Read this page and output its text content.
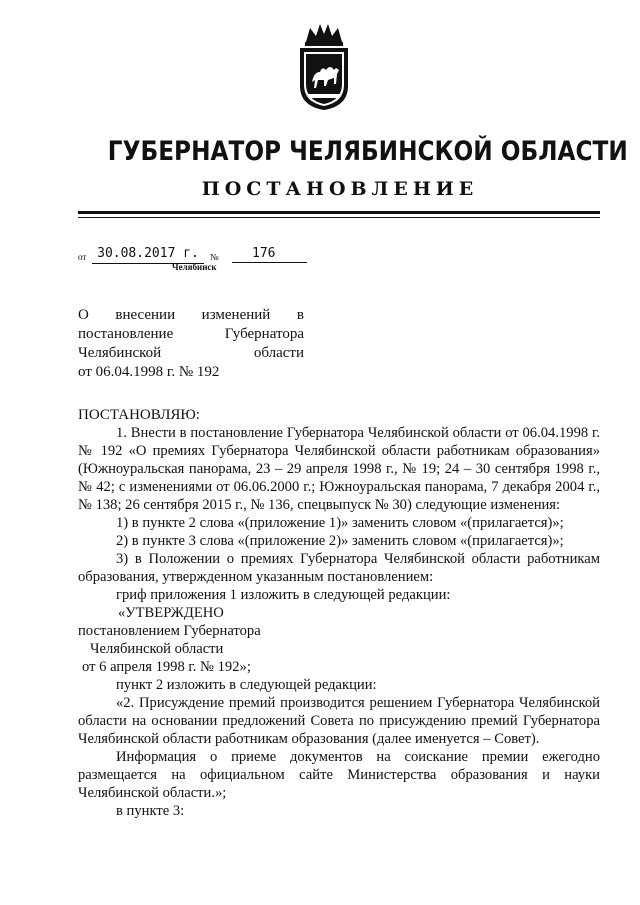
ГУБЕРНАТОР ЧЕЛЯБИНСКОЙ ОБЛАСТИ
ПОСТАНОВЛЕНИЕ
от 30.08.2017 г.	№	176
Челябинск
О внесении изменений в
постановление	Губернатора
Челябинской	области
от 06.04.1998 г. № 192

ПОСТАНОВЛЯЮ:

1. Внести в постановление Губернатора Челябинской области от 06.04.1998 г. № 192 «О премиях Губернатора Челябинской области работникам образования» (Южноуральская панорама, 23 – 29 апреля 1998 г., № 19; 24 – 30 сентября 1998 г., № 42; с изменениями от 06.06.2000 г.; Южноуральская панорама, 7 декабря 2004 г., № 138; 26 сентября 2015 г., № 136, спецвыпуск № 30) следующие изменения:

1) в пункте 2 слова «(приложение 1)» заменить словом «(прилагается)»;

2) в пункте 3 слова «(приложение 2)» заменить словом «(прилагается)»;

3) в Положении о премиях Губернатора Челябинской области работникам образования, утвержденном указанным постановлением:

гриф приложения 1 изложить в следующей редакции:

«УТВЕРЖДЕНО

постановлением Губернатора

Челябинской области

от 6 апреля 1998 г. № 192»;

пункт 2 изложить в следующей редакции:

«2. Присуждение премий производится решением Губернатора Челябинской области на основании предложений Совета по присуждению премий Губернатора Челябинской области работникам образования (далее именуется – Совет).

Информация о приеме документов на соискание премии ежегодно размещается на официальном сайте Министерства образования и науки Челябинской области.»;

в пункте 3:
